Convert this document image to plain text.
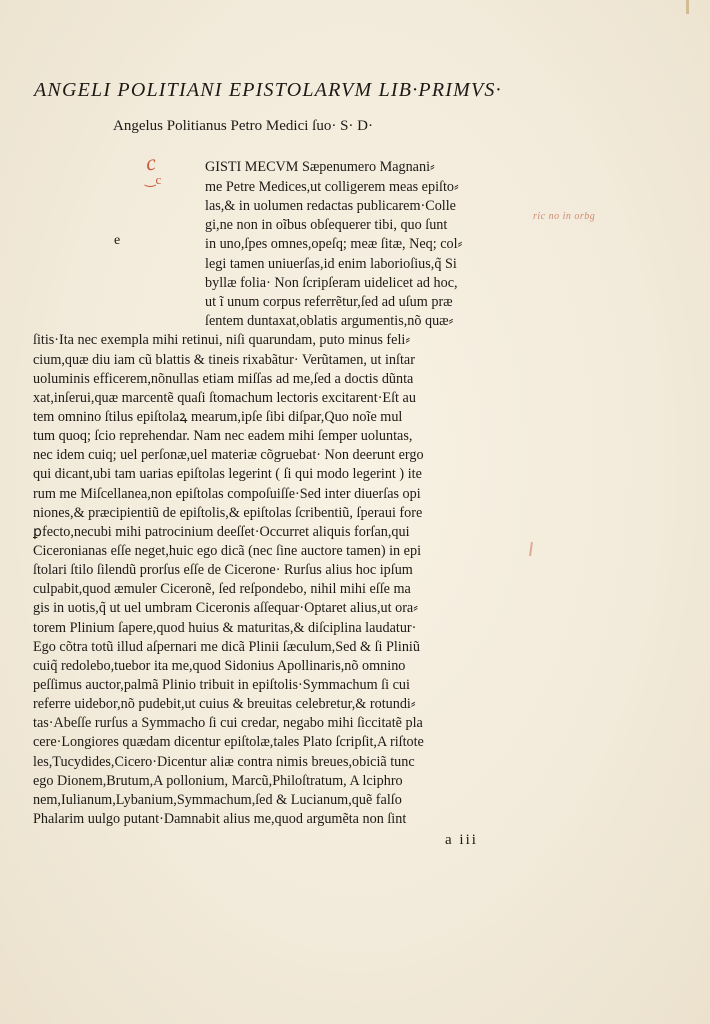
ANGELI POLITIANI EPISTOLARVM LIB·PRIMVS·
Angelus Politianus Petro Medici ſuo· S· D·
c
‿c
ric no in orbg
e
GISTI MECVM Sæpenumero Magnani⸗
me Petre Medices,ut colligerem meas epiſto⸗
las,& in uolumen redactas publicarem·Colle
gi,ne non in oĩbus obſequerer tibi, quo ſunt
in uno,ſpes omnes,opeſq; meæ ſitæ, Neq; col⸗
legi tamen uniuerſas,id enim laborioſius,q̃ Si
byllæ folia· Non ſcripſeram uidelicet ad hoc,
ut ĩ unum corpus referrẽtur,ſed ad uſum præ
ſentem duntaxat,oblatis argumentis,nõ quæ⸗
ſitis·Ita nec exempla mihi retinui, niſi quarundam, puto minus feli⸗
cium,quæ diu iam cũ blattis & tineis rixabãtur· Verũtamen, ut inſtar
uoluminis efficerem,nõnullas etiam miſſas ad me,ſed a doctis dũnta
xat,inſerui,quæ marcentẽ quaſi ſtomachum lectoris excitarent·Eſt au
tem omnino ſtilus epiſtolaꝝ mearum,ipſe ſibi diſpar,Quo noĩe mul
tum quoq; ſcio reprehendar. Nam nec eadem mihi ſemper uoluntas,
nec idem cuiq; uel perſonæ,uel materiæ cõgruebat· Non deerunt ergo
qui dicant,ubi tam uarias epiſtolas legerint ( ſi qui modo legerint ) ite
rum me Miſcellanea,non epiſtolas compoſuiſſe·Sed inter diuerſas opi
niones,& præcipientiũ de epiſtolis,& epiſtolas ſcribentiũ, ſperaui fore
ꝑfecto,necubi mihi patrocinium deeſſet·Occurret aliquis forſan,qui
Ciceronianas eſſe neget,huic ego dicã (nec ſine auctore tamen) in epi
ſtolari ſtilo ſilendũ prorſus eſſe de Cicerone· Rurſus alius hoc ipſum
culpabit,quod æmuler Ciceronẽ, ſed reſpondebo, nihil mihi eſſe ma
gis in uotis,q̃ ut uel umbram Ciceronis aſſequar·Optaret alius,ut ora⸗
torem Plinium ſapere,quod huius & maturitas,& diſciplina laudatur·
Ego cõtra totũ illud aſpernari me dicã Plinii ſæculum,Sed & ſi Pliniũ
cuiq̃ redolebo,tuebor ita me,quod Sidonius Apollinaris,nõ omnino
peſſimus auctor,palmã Plinio tribuit in epiſtolis·Symmachum ſi cui
referre uidebor,nõ pudebit,ut cuius & breuitas celebretur,& rotundi⸗
tas·Abeſſe rurſus a Symmacho ſi cui credar, negabo mihi ſiccitatẽ pla
cere·Longiores quædam dicentur epiſtolæ,tales Plato ſcripſit,A riſtote
les,Tucydides,Cicero·Dicentur aliæ contra nimis breues,obiciã tunc
ego Dionem,Brutum,A pollonium, Marcũ,Philoſtratum, A lciphro
nem,Iulianum,Lybanium,Symmachum,ſed & Lucianum,quẽ falſo
Phalarim uulgo putant·Damnabit alius me,quod argumẽta non ſint
a iii
